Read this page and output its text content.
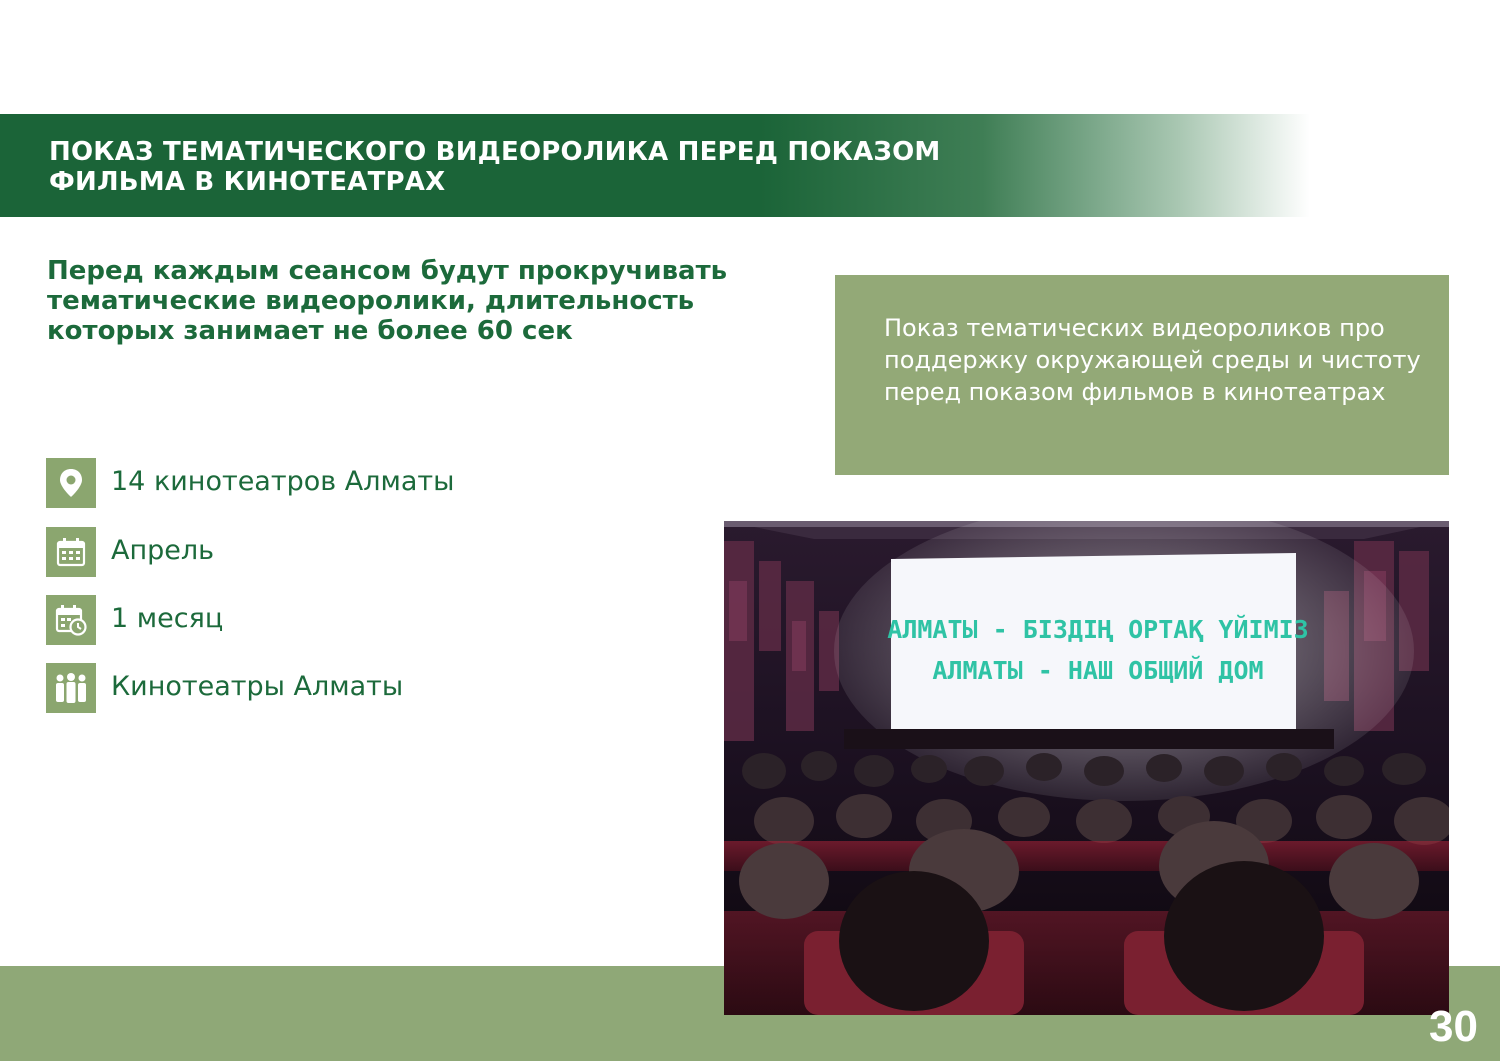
ПОКАЗ ТЕМАТИЧЕСКОГО ВИДЕОРОЛИКА ПЕРЕД ПОКАЗОМ ФИЛЬМА В КИНОТЕАТРАХ

Перед каждым сеансом будут прокручивать тематические видеоролики, длительность которых занимает не более 60 сек	Показ тематических видеороликов про поддержку окружающей среды и чистоту перед показом фильмов в кинотеатрах

14 кинотеатров Алматы
Апрель
1 месяц
Кинотеатры Алматы
АЛМАТЫ - БІЗДІҢ ОРТАҚ ҮЙІМІЗ
АЛМАТЫ - НАШ ОБЩИЙ ДОМ

30
